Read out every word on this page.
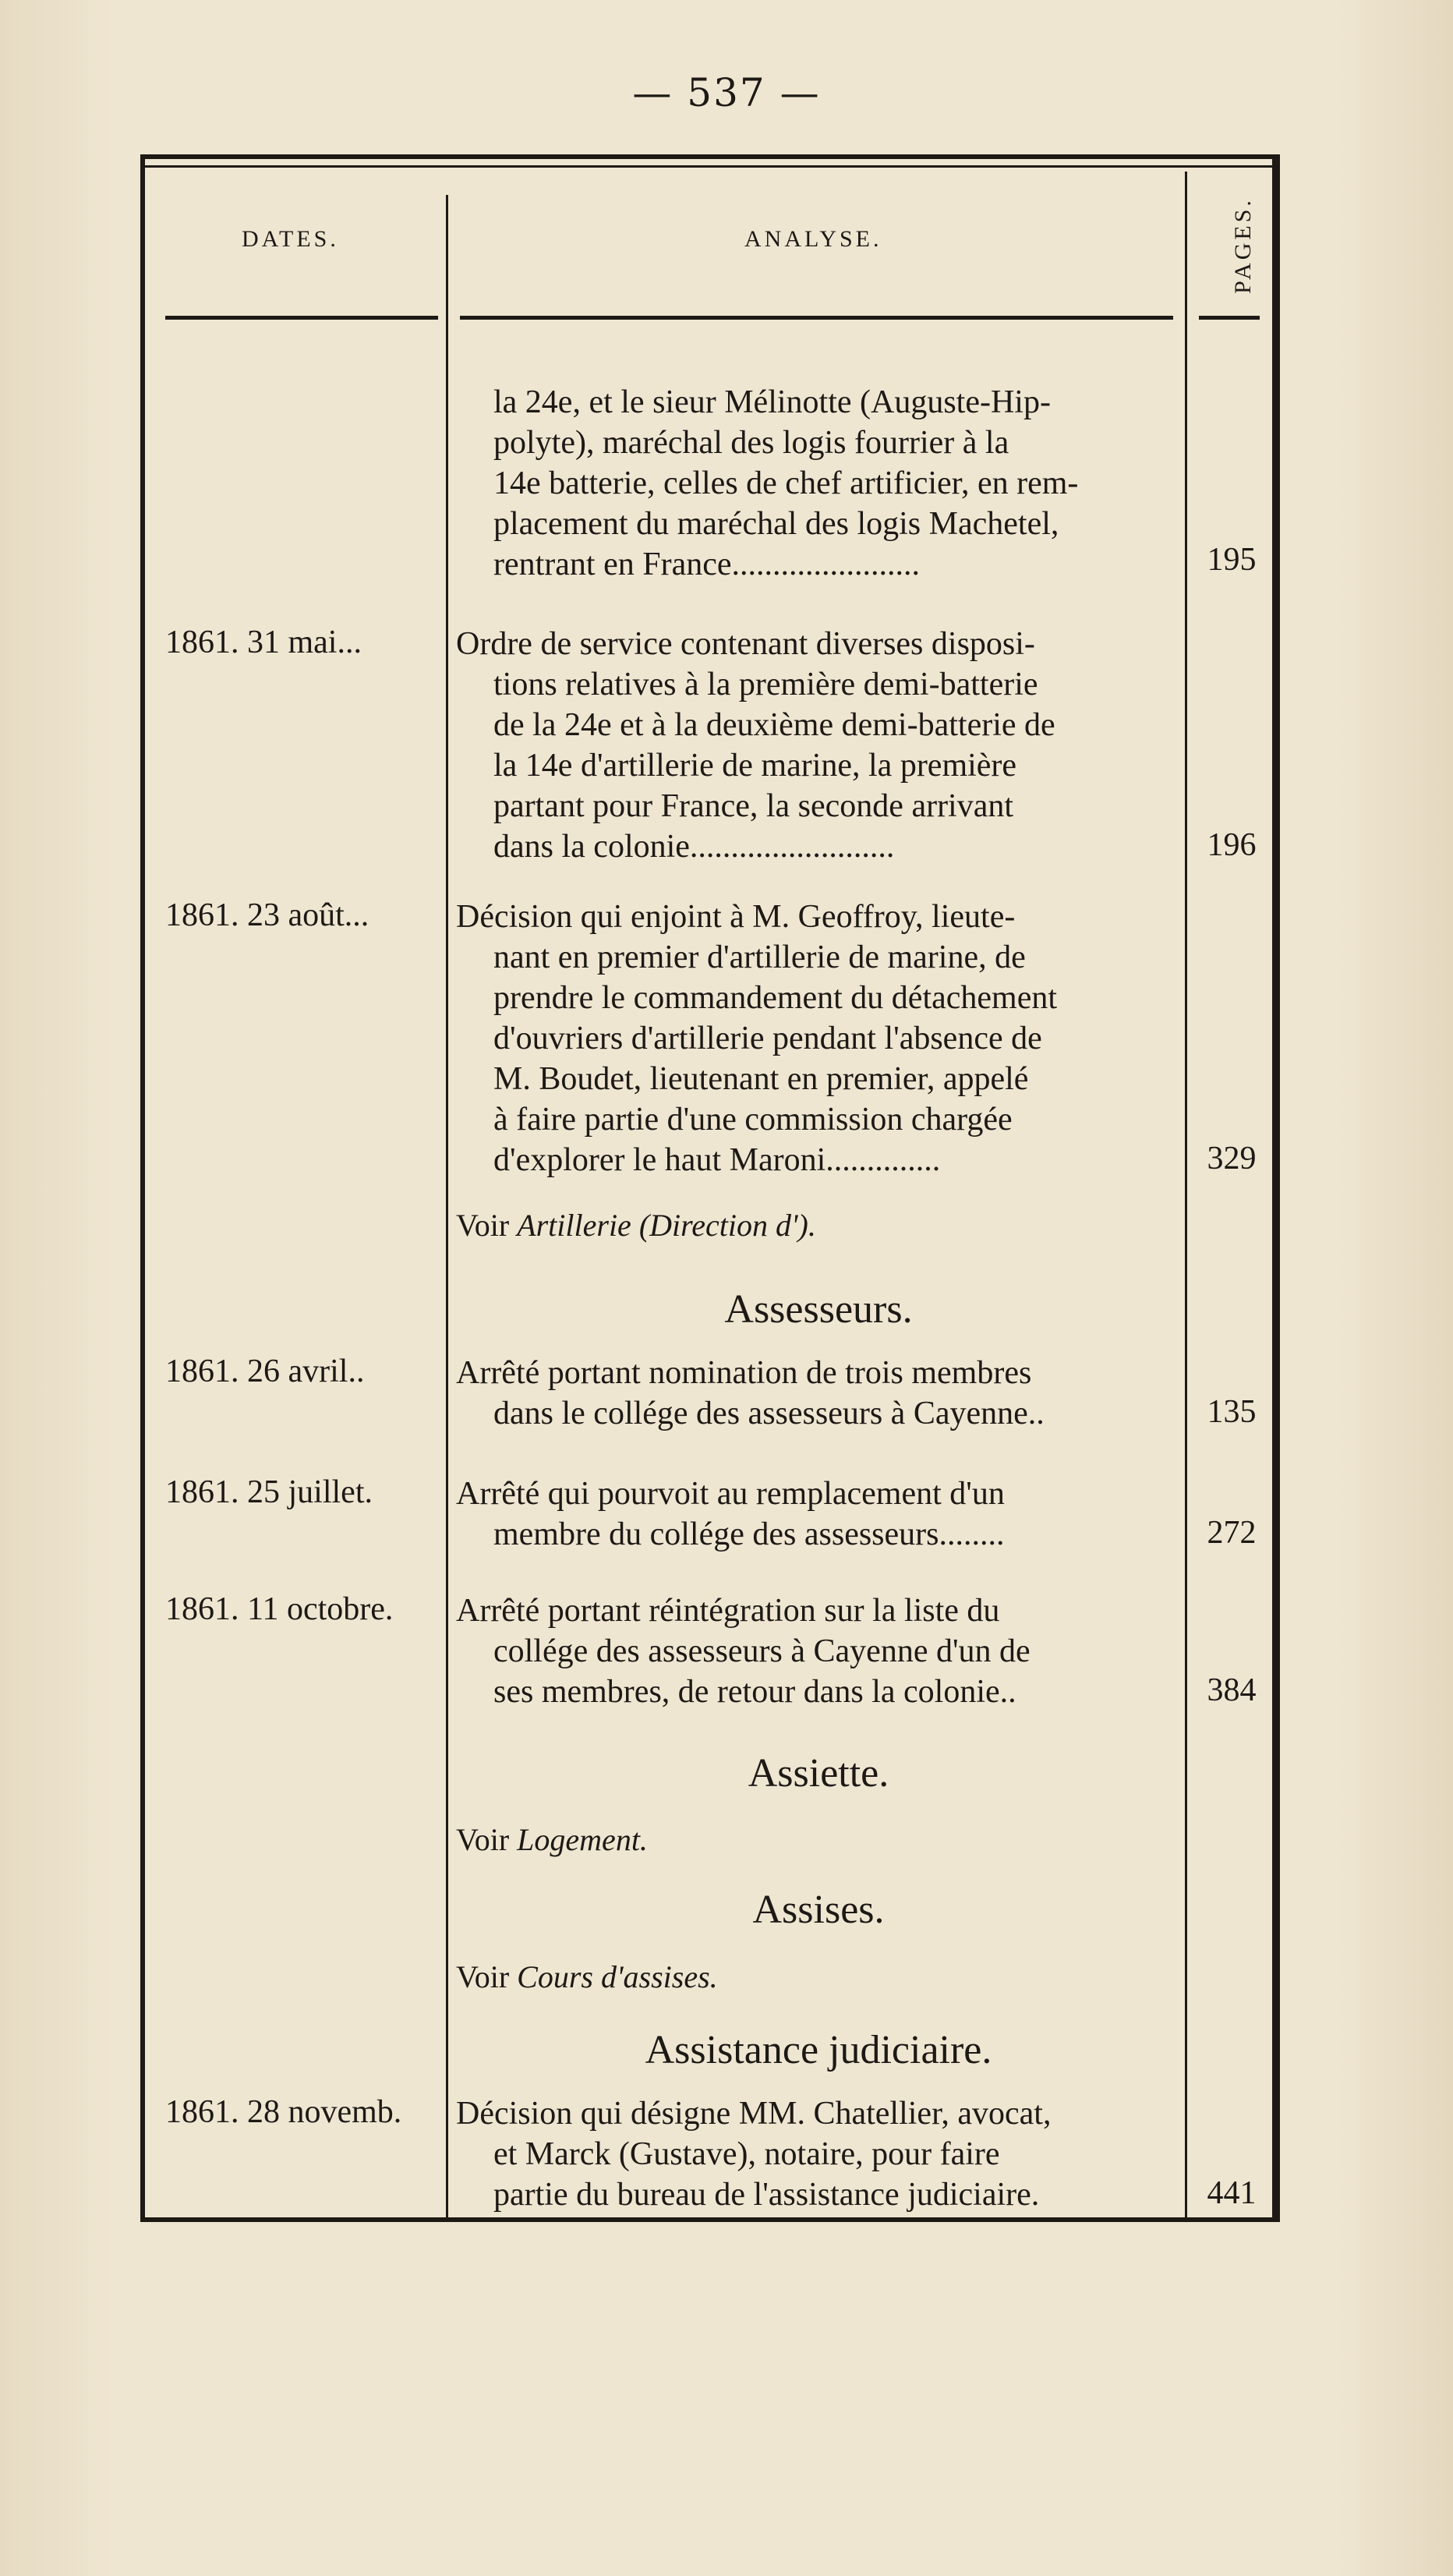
— 537 —
DATES.	ANALYSE.	PAGES.
la 24e, et le sieur Mélinotte (Auguste-Hip-
polyte), maréchal des logis fourrier à la
14e batterie, celles de chef artificier, en rem-
placement du maréchal des logis Machetel,
rentrant en France.......................	195
1861. 31 mai...	Ordre de service contenant diverses disposi-
tions relatives à la première demi-batterie
de la 24e et à la deuxième demi-batterie de
la 14e d'artillerie de marine, la première
partant pour France, la seconde arrivant
dans la colonie.........................	196
1861. 23 août...	Décision qui enjoint à M. Geoffroy, lieute-
nant en premier d'artillerie de marine, de
prendre le commandement du détachement
d'ouvriers d'artillerie pendant l'absence de
M. Boudet, lieutenant en premier, appelé
à faire partie d'une commission chargée
d'explorer le haut Maroni..............	329
Voir Artillerie (Direction d').
Assesseurs.
1861. 26 avril..	Arrêté portant nomination de trois membres
dans le collége des assesseurs à Cayenne..	135
1861. 25 juillet.	Arrêté qui pourvoit au remplacement d'un
membre du collége des assesseurs........	272
1861. 11 octobre.	Arrêté portant réintégration sur la liste du
collége des assesseurs à Cayenne d'un de
ses membres, de retour dans la colonie..	384
Assiette.
Voir Logement.
Assises.
Voir Cours d'assises.
Assistance judiciaire.
1861. 28 novemb.	Décision qui désigne MM. Chatellier, avocat,
et Marck (Gustave), notaire, pour faire
partie du bureau de l'assistance judiciaire.	441
